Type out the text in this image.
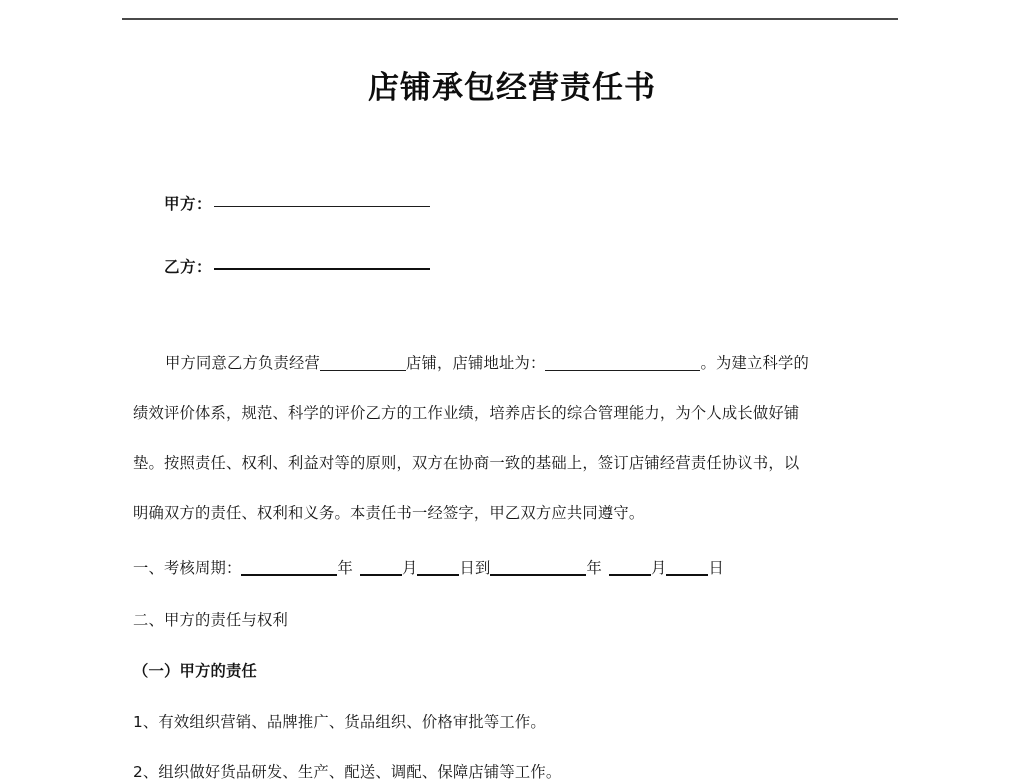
店铺承包经营责任书
甲方：
乙方：
甲方同意乙方负责经营	店铺，店铺地址为：	。为建立科学的
绩效评价体系，规范、科学的评价乙方的工作业绩，培养店长的综合管理能力，为个人成长做好铺
垫。按照责任、权利、利益对等的原则，双方在协商一致的基础上，签订店铺经营责任协议书，以
明确双方的责任、权利和义务。本责任书一经签字，甲乙双方应共同遵守。
一、考核周期：	年	月	日到	年	月	日
二、甲方的责任与权利
（一）甲方的责任
1、有效组织营销、品牌推广、货品组织、价格审批等工作。
2、组织做好货品研发、生产、配送、调配、保障店铺等工作。
